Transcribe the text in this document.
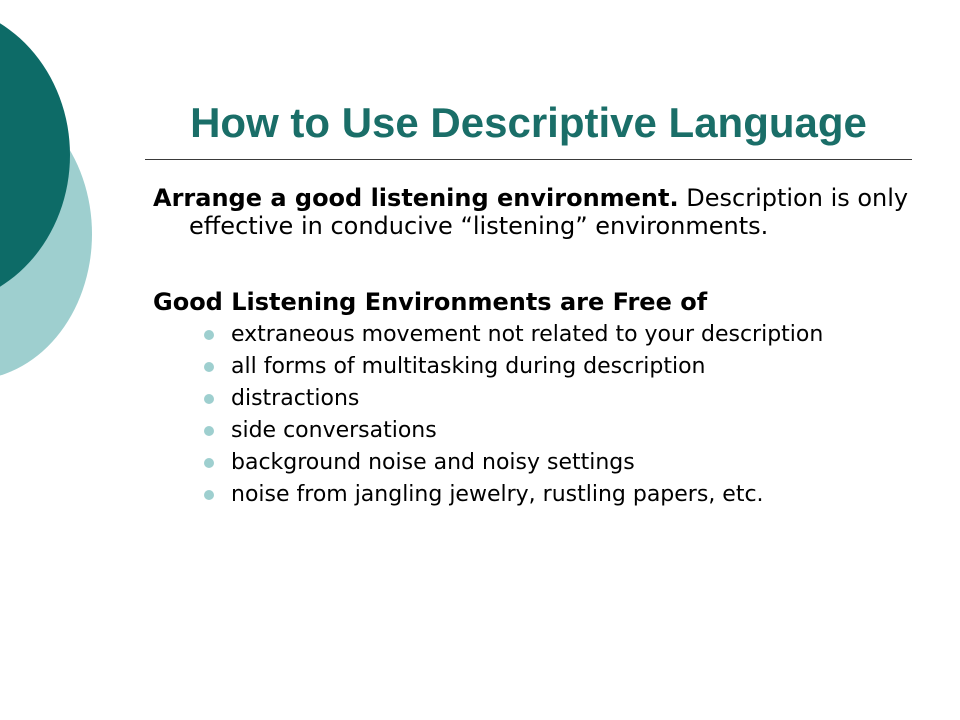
How to Use Descriptive Language

Arrange a good listening environment. Description is only effective in conducive “listening” environments.

Good Listening Environments are Free of

extraneous movement not related to your description
all forms of multitasking during description
distractions
side conversations
background noise and noisy settings
noise from jangling jewelry, rustling papers, etc.
